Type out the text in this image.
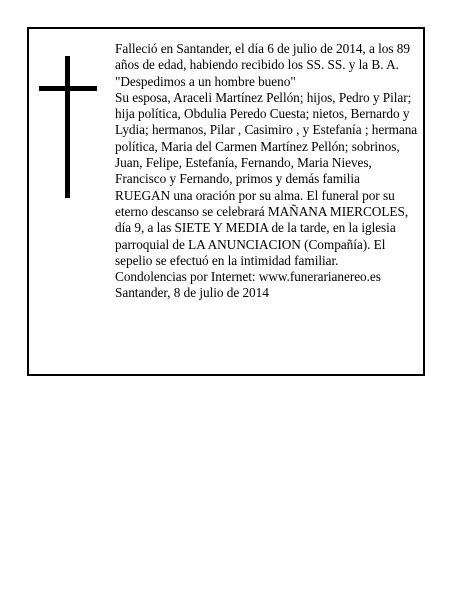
Falleció en Santander, el día 6 de julio de 2014, a los 89 años de edad, habiendo recibido los SS. SS. y la B. A.

"Despedimos a un hombre bueno"

Su esposa, Araceli Martínez Pellón; hijos, Pedro y Pilar; hija política, Obdulia Peredo Cuesta; nietos, Bernardo y Lydia; hermanos, Pilar , Casimiro , y Estefanía ; hermana política, Maria del Carmen Martínez Pellón; sobrinos, Juan, Felipe, Estefanía, Fernando, Maria Nieves, Francisco y Fernando, primos y demás familia

RUEGAN una oración por su alma. El funeral por su eterno descanso se celebrará MAÑANA MIERCOLES, día 9, a las SIETE Y MEDIA de la tarde, en la iglesia parroquial de LA ANUNCIACION (Compañía). El sepelio se efectuó en la intimidad familiar.

Condolencias por Internet: www.funerarianereo.es

Santander, 8 de julio de 2014
